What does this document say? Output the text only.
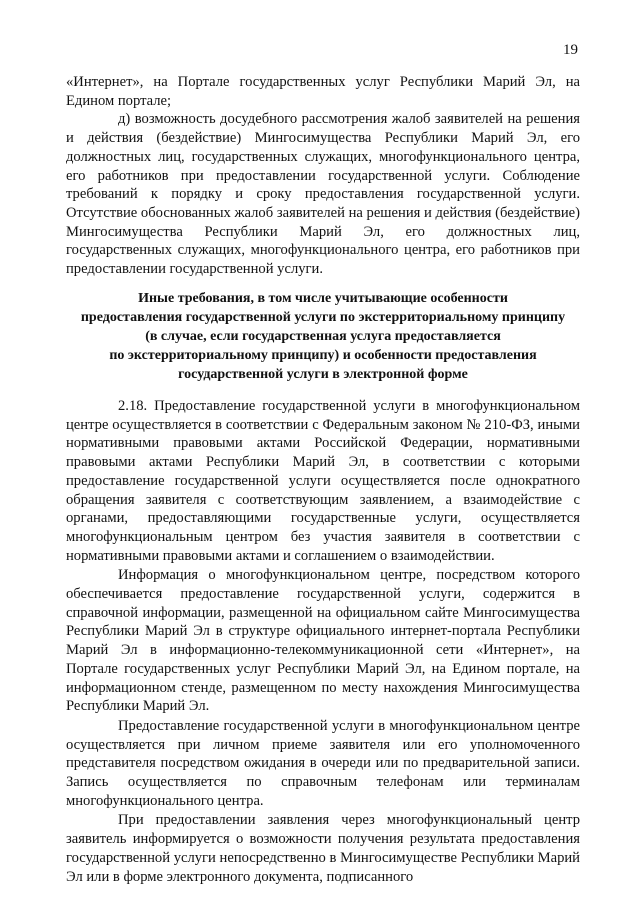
19

«Интернет», на Портале государственных услуг Республики Марий Эл, на Едином портале;

д) возможность досудебного рассмотрения жалоб заявителей на решения и действия (бездействие) Мингосимущества Республики Марий Эл, его должностных лиц, государственных служащих, многофункционального центра, его работников при предоставлении государственной услуги. Соблюдение требований к порядку и сроку предоставления государственной услуги. Отсутствие обоснованных жалоб заявителей на решения и действия (бездействие) Мингосимущества Республики Марий Эл, его должностных лиц, государственных служащих, многофункционального центра, его работников при предоставлении государственной услуги.

Иные требования, в том числе учитывающие особенности
предоставления государственной услуги по экстерриториальному принципу
(в случае, если государственная услуга предоставляется
по экстерриториальному принципу) и особенности предоставления
государственной услуги в электронной форме

2.18. Предоставление государственной услуги в многофункциональном центре осуществляется в соответствии с Федеральным законом № 210-ФЗ, иными нормативными правовыми актами Российской Федерации, нормативными правовыми актами Республики Марий Эл, в соответствии с которыми предоставление государственной услуги осуществляется после однократного обращения заявителя с соответствующим заявлением, а взаимодействие с органами, предоставляющими государственные услуги, осуществляется многофункциональным центром без участия заявителя в соответствии с нормативными правовыми актами и соглашением о взаимодействии.

Информация о многофункциональном центре, посредством которого обеспечивается предоставление государственной услуги, содержится в справочной информации, размещенной на официальном сайте Мингосимущества Республики Марий Эл в структуре официального интернет-портала Республики Марий Эл в информационно-телекоммуникационной сети «Интернет», на Портале государственных услуг Республики Марий Эл, на Едином портале, на информационном стенде, размещенном по месту нахождения Мингосимущества Республики Марий Эл.

Предоставление государственной услуги в многофункциональном центре осуществляется при личном приеме заявителя или его уполномоченного представителя посредством ожидания в очереди или по предварительной записи. Запись осуществляется по справочным телефонам или терминалам многофункционального центра.

При предоставлении заявления через многофункциональный центр заявитель информируется о возможности получения результата предоставления государственной услуги непосредственно в Мингосимуществе Республики Марий Эл или в форме электронного документа, подписанного
